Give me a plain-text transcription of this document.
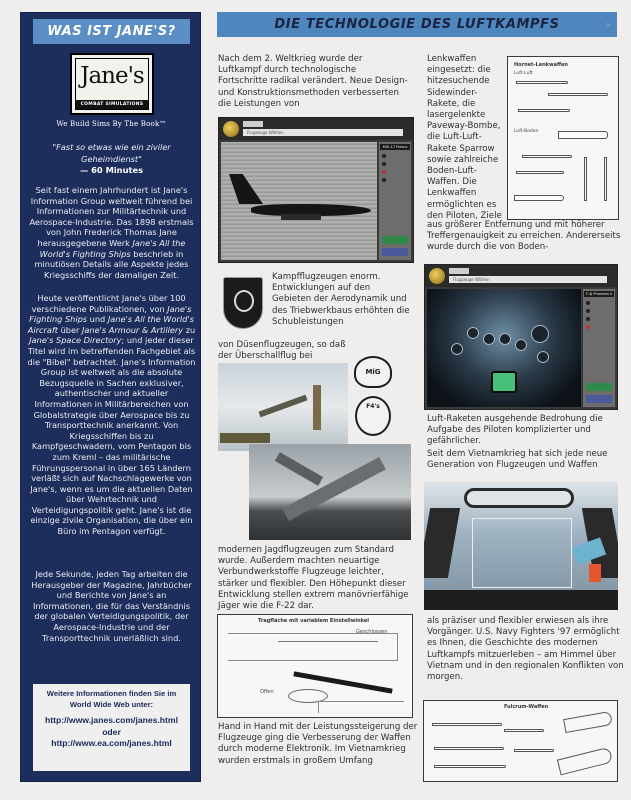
WAS IST JANE'S?
Jane's
COMBAT SIMULATIONS
We Build Sims By The Book™
"Fast so etwas wie ein ziviler Geheimdienst"
— 60 Minutes
Seit fast einem Jahrhundert ist Jane's Information Group weltweit führend bei Informationen zur Militärtechnik und Aerospace-Industrie. Das 1898 erstmals von John Frederick Thomas Jane herausgegebene Werk Jane's All the World's Fighting Ships beschrieb in minutiösen Details alle Aspekte jedes Kriegsschiffs der damaligen Zeit.
Heute veröffentlicht Jane's über 100 verschiedene Publikationen, von Jane's Fighting Ships und Jane's All the World's Aircraft über Jane's Armour & Artillery zu Jane's Space Directory; und jeder dieser Titel wird im betreffenden Fachgebiet als die "Bibel" betrachtet. Jane's Information Group ist weltweit als die absolute Bezugsquelle in Sachen exklusiver, authentischer und aktueller Informationen in Militärbereichen von Globalstrategie über Aerospace bis zu Transporttechnik anerkannt. Von Kriegsschiffen bis zu Kampfgeschwadern, vom Pentagon bis zum Kreml – das militärische Führungspersonal in über 165 Ländern verläßt sich auf Nachschlagewerke von Jane's, wenn es um die aktuellen Daten über Wehrtechnik und Verteidigungspolitik geht. Jane's ist die einzige zivile Organisation, die über ein Büro im Pentagon verfügt.
Jede Sekunde, jeden Tag arbeiten die Herausgeber der Magazine, Jahrbücher und Berichte von Jane's an Informationen, die für das Verständnis der globalen Verteidigungspolitik, der Aerospace-Industrie und der Transporttechnik unerläßlich sind.
Weitere Informationen finden Sie im World Wide Web unter:
http://www.janes.com/janes.html
oder
http://www.ea.com/janes.html
DIE TECHNOLOGIE DES LUFTKAMPFS	»
Nach dem 2. Weltkrieg wurde der Luftkampf durch technologische Fortschritte radikal verändert. Neue Design- und Konstruktionsmethoden verbesserten die Leistungen von
Flugzeuge Wählen
MiG-17 Fresco
Kampfflugzeugen enorm. Entwicklungen auf den Gebieten der Aerodynamik und des Triebwerkbaus erhöhten die Schubleistungen
von Düsenflugzeugen, so daß der Überschallflug bei
MiG
F4's
modernen Jagdflugzeugen zum Standard wurde. Außerdem machten neuartige Verbundwerkstoffe Flugzeuge leichter, stärker und flexibler. Den Höhepunkt dieser Entwicklung stellen extrem manövrierfähige Jäger wie die F-22 dar.
Tragfläche mit variablem Einstellwinkel
Geschlossen
Offen
Hand in Hand mit der Leistungssteigerung der Flugzeuge ging die Verbesserung der Waffen durch moderne Elektronik. Im Vietnamkrieg wurden erstmals in großem Umfang
Lenkwaffen eingesetzt: die hitzesuchende Sidewinder-Rakete, die lasergelenkte Paveway-Bombe, die Luft-Luft-Rakete Sparrow sowie zahlreiche Boden-Luft-Waffen. Die Lenkwaffen ermöglichten es den Piloten, Ziele
Hornet-Lenkwaffen
Luft-Luft
Luft-Boden
aus größerer Entfernung und mit höherer Treffergenauigkeit zu erreichen. Andererseits wurde durch die von Boden-
Flugzeuge Wählen
F-4J Phantom II
Luft-Raketen ausgehende Bedrohung die Aufgabe des Piloten komplizierter und gefährlicher.
Seit dem Vietnamkrieg hat sich jede neue Generation von Flugzeugen und Waffen
als präziser und flexibler erwiesen als ihre Vorgänger. U.S. Navy Fighters '97 ermöglicht es Ihnen, die Geschichte des modernen Luftkampfs mitzuerleben – am Himmel über Vietnam und in den regionalen Konflikten von morgen.
Fulcrum-Waffen
